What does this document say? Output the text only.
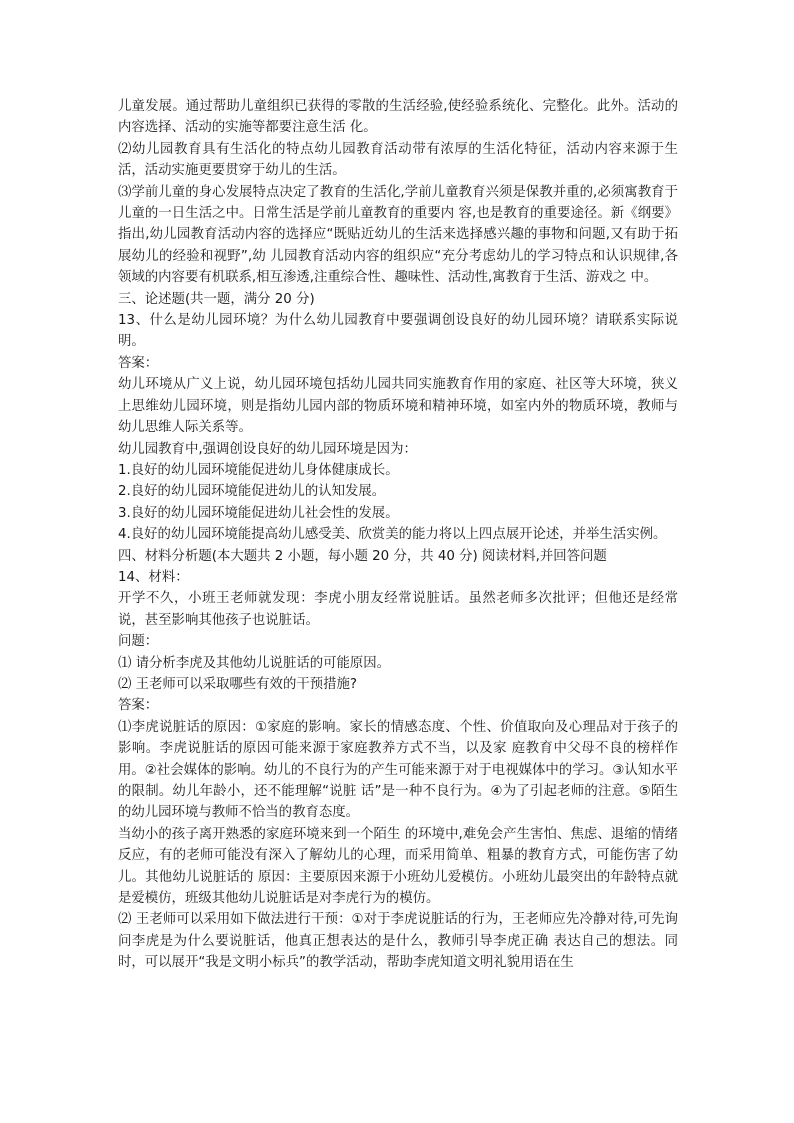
儿童发展。通过帮助儿童组织已获得的零散的生活经验,使经验系统化、完整化。此外。活动的内容选择、活动的实施等都要注意生活 化。

⑵幼儿园教育具有生活化的特点幼儿园教育活动带有浓厚的生活化特征，活动内容来源于生活，活动实施更要贯穿于幼儿的生活。

⑶学前儿童的身心发展特点决定了教育的生活化,学前儿童教育兴须是保教并重的,必须寓教育于儿童的一日生活之中。日常生活是学前儿童教育的重要内 容,也是教育的重要途径。新《纲要》指出,幼儿园教育活动内容的选择应“既贴近幼儿的生活来选择感兴趣的事物和问题,又有助于拓展幼儿的经验和视野”,幼 儿园教育活动内容的组织应“充分考虑幼儿的学习特点和认识规律,各领域的内容要有机联系,相互渗透,注重综合性、趣味性、活动性,寓教育于生活、游戏之 中。

三、论述题(共一题，满分 20 分)

13、什么是幼儿园环境？为什么幼儿园教育中要强调创设良好的幼儿园环境？请联系实际说明。

答案：

幼儿环境从广义上说，幼儿园环境包括幼儿园共同实施教育作用的家庭、社区等大环境，狭义上思维幼儿园环境，则是指幼儿园内部的物质环境和精神环境，如室内外的物质环境，教师与幼儿思维人际关系等。

幼儿园教育中,强调创设良好的幼儿园环境是因为：

1.良好的幼儿园环境能促进幼儿身体健康成长。

2.良好的幼儿园环境能促进幼儿的认知发展。

3.良好的幼儿园环境能促进幼儿社会性的发展。

4.良好的幼儿园环境能提高幼儿感受美、欣赏美的能力将以上四点展开论述，并举生活实例。

四、材料分析题(本大题共 2 小题，每小题 20 分，共 40 分) 阅读材料,并回答问题

14、材料：

开学不久，小班王老师就发现：李虎小朋友经常说脏话。虽然老师多次批评；但他还是经常说，甚至影响其他孩子也说脏话。

问题：

⑴ 请分析李虎及其他幼儿说脏话的可能原因。

⑵ 王老师可以采取哪些有效的干预措施?

答案：

⑴李虎说脏话的原因：①家庭的影响。家长的情感态度、个性、价值取向及心理品对于孩子的影响。李虎说脏话的原因可能来源于家庭教养方式不当，以及家 庭教育中父母不良的榜样作用。②社会媒体的影响。幼儿的不良行为的产生可能来源于对于电视媒体中的学习。③认知水平的限制。幼儿年龄小，还不能理解“说脏 话”是一种不良行为。④为了引起老师的注意。⑤陌生的幼儿园环境与教师不恰当的教育态度。

当幼小的孩子离开熟悉的家庭环境来到一个陌生 的环境中,难免会产生害怕、焦虑、退缩的情绪反应，有的老师可能没有深入了解幼儿的心理，而采用简单、粗暴的教育方式，可能伤害了幼儿。其他幼儿说脏话的 原因：主要原因来源于小班幼儿爱模仿。小班幼儿最突出的年龄特点就是爱模仿，班级其他幼儿说脏话是对李虎行为的模仿。

⑵ 王老师可以采用如下做法进行干预：①对于李虎说脏话的行为，王老师应先冷静对待,可先询问李虎是为什么要说脏话，他真正想表达的是什么，教师引导李虎正确 表达自己的想法。同时，可以展开“我是文明小标兵”的教学活动，帮助李虎知道文明礼貌用语在生
